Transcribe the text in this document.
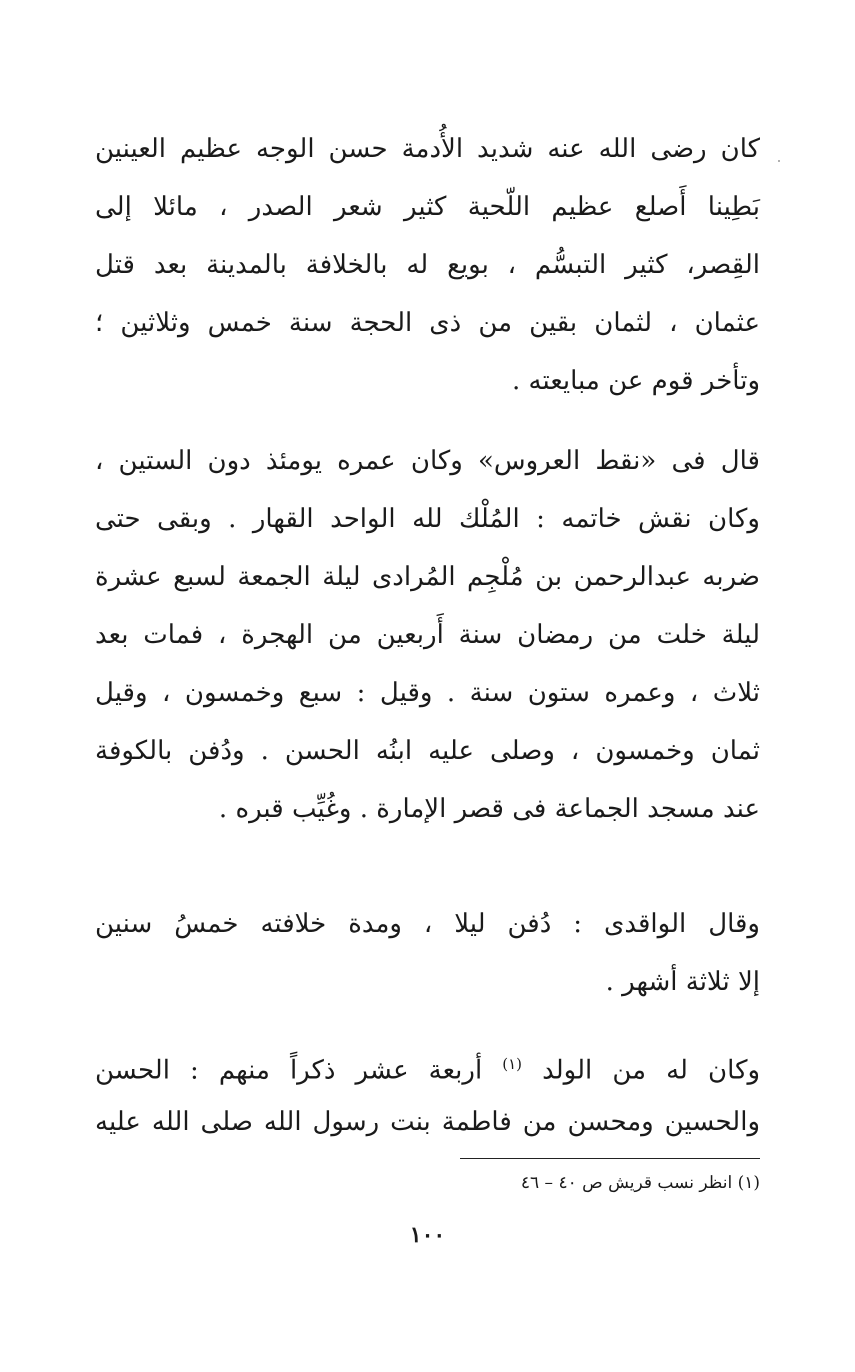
كان رضى الله عنه شديد الأُدمة حسن الوجه عظيم العينين
بَطِينا أَصلع عظيم اللّحية كثير شعر الصدر ، مائلا إلى
القِصر، كثير التبسُّم ، بويع له بالخلافة بالمدينة بعد قتل
عثمان ، لثمان بقين من ذى الحجة سنة خمس وثلاثين ؛
وتأخر قوم عن مبايعته .
قال فى «نقط العروس» وكان عمره يومئذ دون الستين ،
وكان نقش خاتمه : المُلْك لله الواحد القهار . وبقى حتى
ضربه عبدالرحمن بن مُلْجِم المُرادى ليلة الجمعة لسبع عشرة
ليلة خلت من رمضان سنة أَربعين من الهجرة ، فمات بعد
ثلاث ، وعمره ستون سنة . وقيل : سبع وخمسون ، وقيل
ثمان وخمسون ، وصلى عليه ابنُه الحسن . ودُفن بالكوفة
عند مسجد الجماعة فى قصر الإمارة . وغُيِّب قبره .
وقال الواقدى : دُفن ليلا ، ومدة خلافته خمسُ سنين
إلا ثلاثة أشهر .
وكان له من الولد $^{(١)}$ أربعة عشر ذكراً منهم : الحسن
والحسين ومحسن من فاطمة بنت رسول الله صلى الله عليه
(١) انظر نسب قريش ص ٤٠ – ٤٦
١٠٠
